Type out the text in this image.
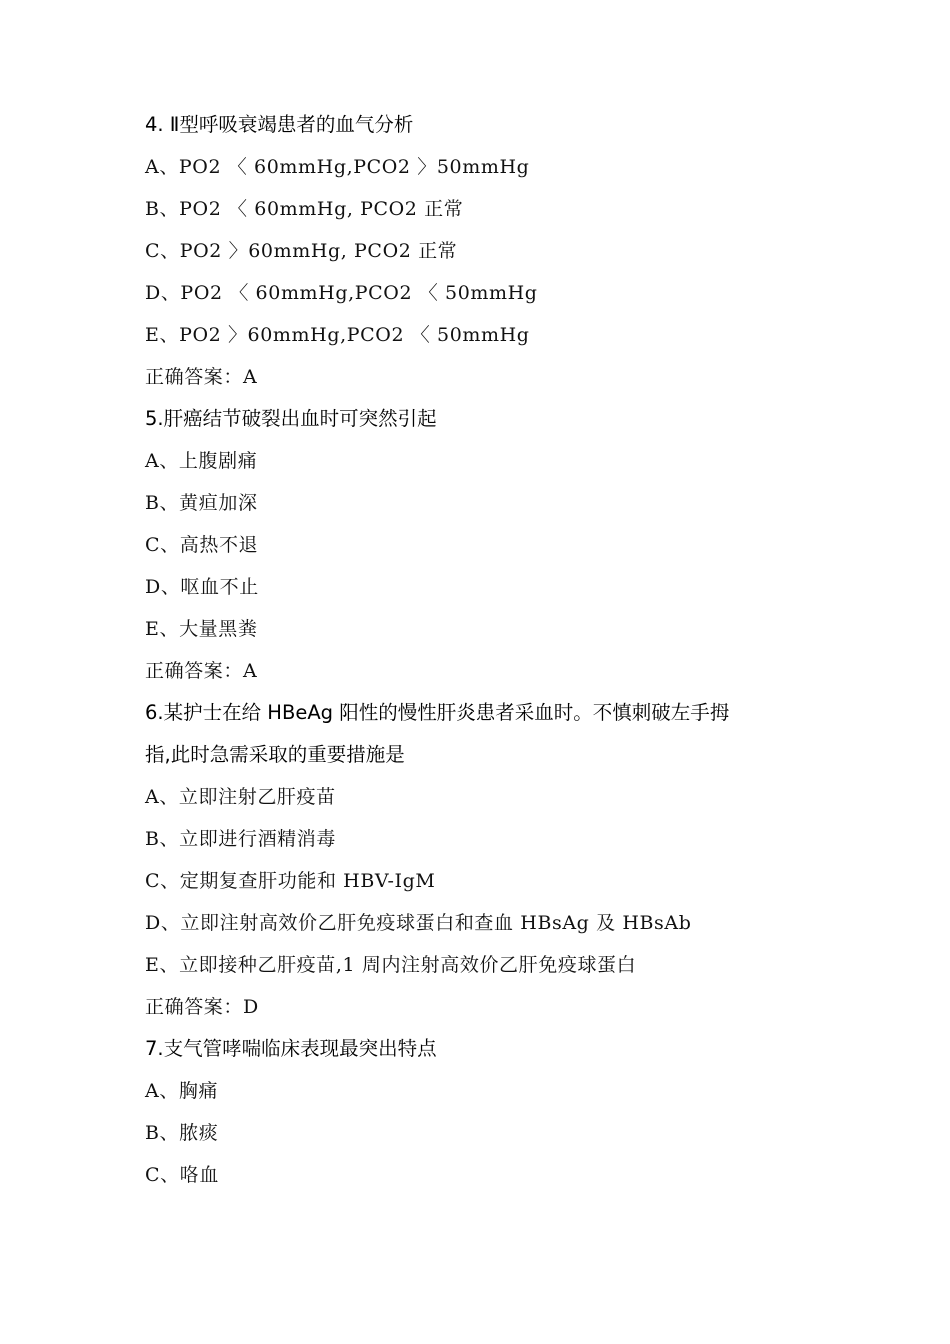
4. Ⅱ型呼吸衰竭患者的血气分析
A、PO2 〈 60mmHg,PCO2 〉50mmHg
B、PO2 〈 60mmHg, PCO2 正常
C、PO2 〉60mmHg, PCO2 正常
D、PO2 〈 60mmHg,PCO2 〈 50mmHg
E、PO2 〉60mmHg,PCO2 〈 50mmHg
正确答案：A
5.肝癌结节破裂出血时可突然引起
A、上腹剧痛
B、黄疸加深
C、高热不退
D、呕血不止
E、大量黑粪
正确答案：A
6.某护士在给 HBeAg 阳性的慢性肝炎患者采血时。不慎刺破左手拇
指,此时急需采取的重要措施是
A、立即注射乙肝疫苗
B、立即进行酒精消毒
C、定期复查肝功能和 HBV-IgM
D、立即注射高效价乙肝免疫球蛋白和查血 HBsAg 及 HBsAb
E、立即接种乙肝疫苗,1 周内注射高效价乙肝免疫球蛋白
正确答案：D
7.支气管哮喘临床表现最突出特点
A、胸痛
B、脓痰
C、咯血
